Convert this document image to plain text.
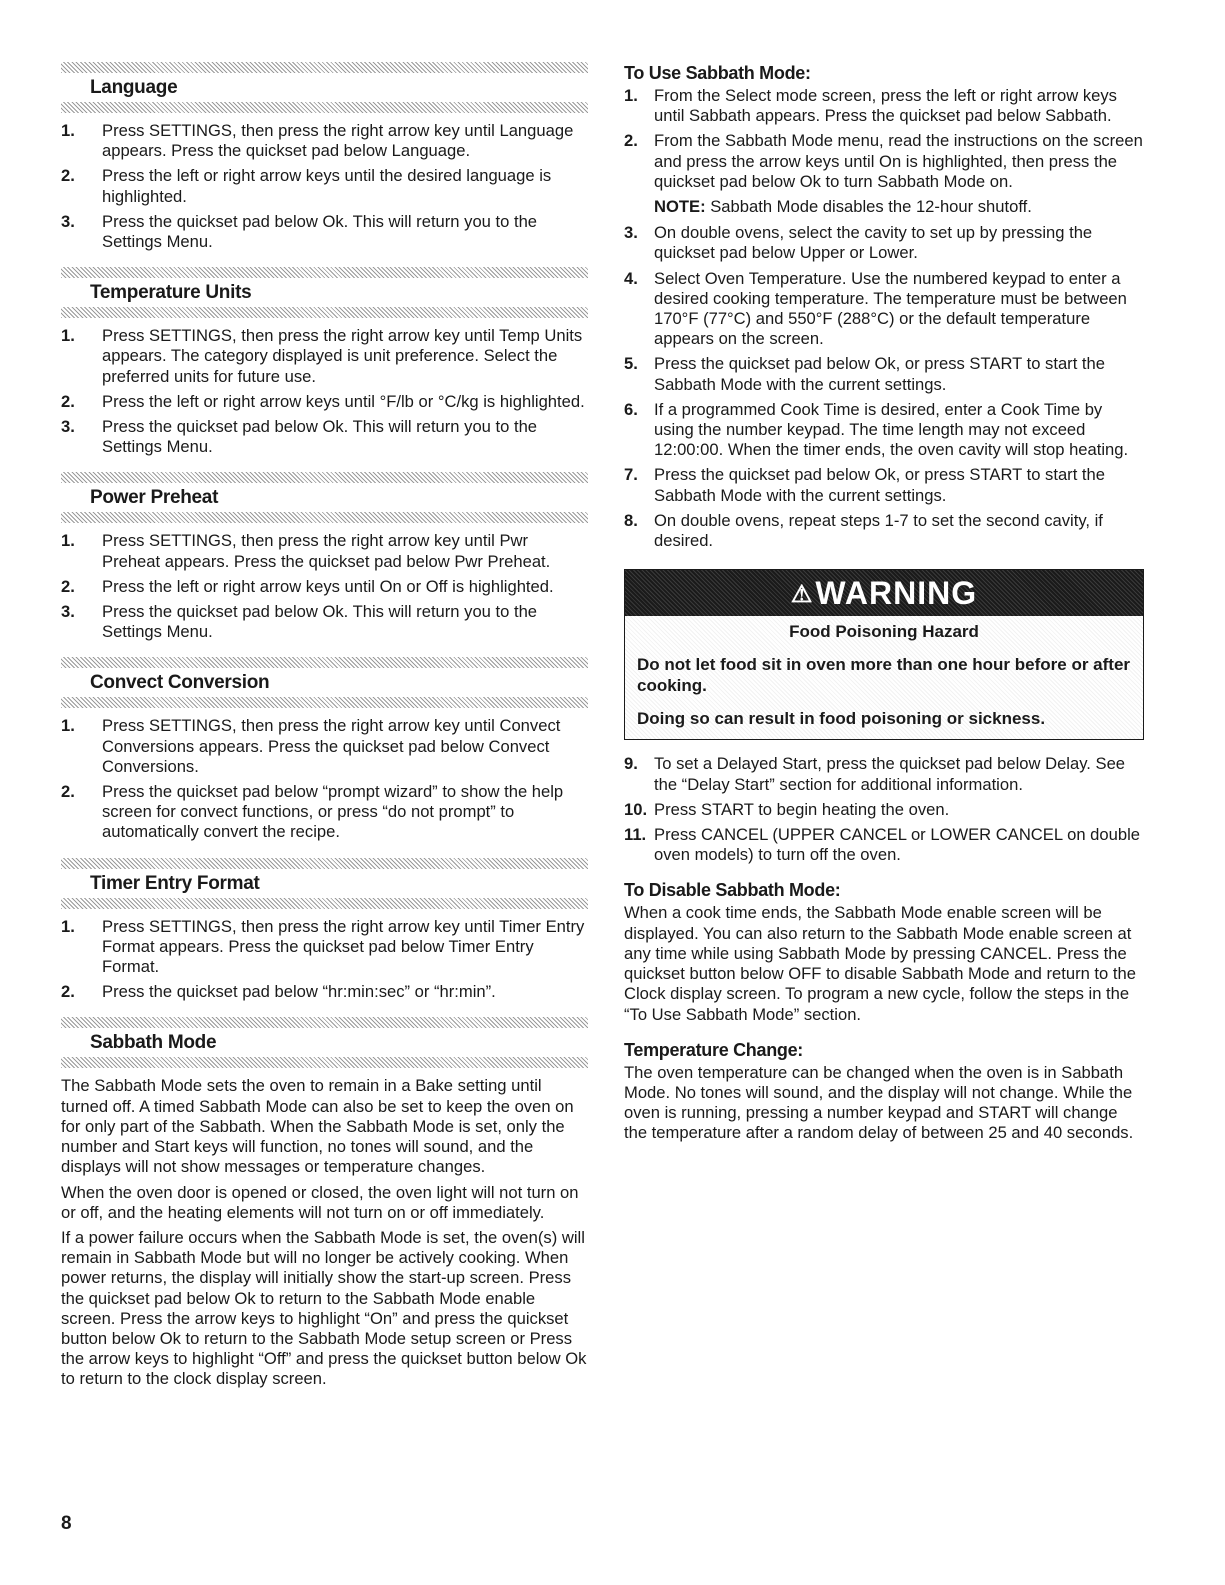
Language
1. Press SETTINGS, then press the right arrow key until Language appears. Press the quickset pad below Language.
2. Press the left or right arrow keys until the desired language is highlighted.
3. Press the quickset pad below Ok. This will return you to the Settings Menu.
Temperature Units
1. Press SETTINGS, then press the right arrow key until Temp Units appears. The category displayed is unit preference. Select the preferred units for future use.
2. Press the left or right arrow keys until °F/lb or °C/kg is highlighted.
3. Press the quickset pad below Ok. This will return you to the Settings Menu.
Power Preheat
1. Press SETTINGS, then press the right arrow key until Pwr Preheat appears. Press the quickset pad below Pwr Preheat.
2. Press the left or right arrow keys until On or Off is highlighted.
3. Press the quickset pad below Ok. This will return you to the Settings Menu.
Convect Conversion
1. Press SETTINGS, then press the right arrow key until Convect Conversions appears. Press the quickset pad below Convect Conversions.
2. Press the quickset pad below “prompt wizard” to show the help screen for convect functions, or press “do not prompt” to automatically convert the recipe.
Timer Entry Format
1. Press SETTINGS, then press the right arrow key until Timer Entry Format appears. Press the quickset pad below Timer Entry Format.
2. Press the quickset pad below “hr:min:sec” or “hr:min”.
Sabbath Mode

The Sabbath Mode sets the oven to remain in a Bake setting until turned off. A timed Sabbath Mode can also be set to keep the oven on for only part of the Sabbath. When the Sabbath Mode is set, only the number and Start keys will function, no tones will sound, and the displays will not show messages or temperature changes.

When the oven door is opened or closed, the oven light will not turn on or off, and the heating elements will not turn on or off immediately.

If a power failure occurs when the Sabbath Mode is set, the oven(s) will remain in Sabbath Mode but will no longer be actively cooking. When power returns, the display will initially show the start-up screen. Press the quickset pad below Ok to return to the Sabbath Mode enable screen. Press the arrow keys to highlight “On” and press the quickset button below Ok to return to the Sabbath Mode setup screen or Press the arrow keys to highlight “Off” and press the quickset button below Ok to return to the clock display screen.

To Use Sabbath Mode:
1. From the Select mode screen, press the left or right arrow keys until Sabbath appears. Press the quickset pad below Sabbath.
2. From the Sabbath Mode menu, read the instructions on the screen and press the arrow keys until On is highlighted, then press the quickset pad below Ok to turn Sabbath Mode on.
NOTE: Sabbath Mode disables the 12-hour shutoff.
3. On double ovens, select the cavity to set up by pressing the quickset pad below Upper or Lower.
4. Select Oven Temperature. Use the numbered keypad to enter a desired cooking temperature. The temperature must be between 170°F (77°C) and 550°F (288°C) or the default temperature appears on the screen.
5. Press the quickset pad below Ok, or press START to start the Sabbath Mode with the current settings.
6. If a programmed Cook Time is desired, enter a Cook Time by using the number keypad. The time length may not exceed 12:00:00. When the timer ends, the oven cavity will stop heating.
7. Press the quickset pad below Ok, or press START to start the Sabbath Mode with the current settings.
8. On double ovens, repeat steps 1-7 to set the second cavity, if desired.
⚠WARNING
Food Poisoning Hazard
Do not let food sit in oven more than one hour before or after cooking.
Doing so can result in food poisoning or sickness.
9. To set a Delayed Start, press the quickset pad below Delay. See the “Delay Start” section for additional information.
10. Press START to begin heating the oven.
11. Press CANCEL (UPPER CANCEL or LOWER CANCEL on double oven models) to turn off the oven.
To Disable Sabbath Mode:

When a cook time ends, the Sabbath Mode enable screen will be displayed. You can also return to the Sabbath Mode enable screen at any time while using Sabbath Mode by pressing CANCEL. Press the quickset button below OFF to disable Sabbath Mode and return to the Clock display screen. To program a new cycle, follow the steps in the “To Use Sabbath Mode” section.

Temperature Change:

The oven temperature can be changed when the oven is in Sabbath Mode. No tones will sound, and the display will not change. While the oven is running, pressing a number keypad and START will change the temperature after a random delay of between 25 and 40 seconds.

8
